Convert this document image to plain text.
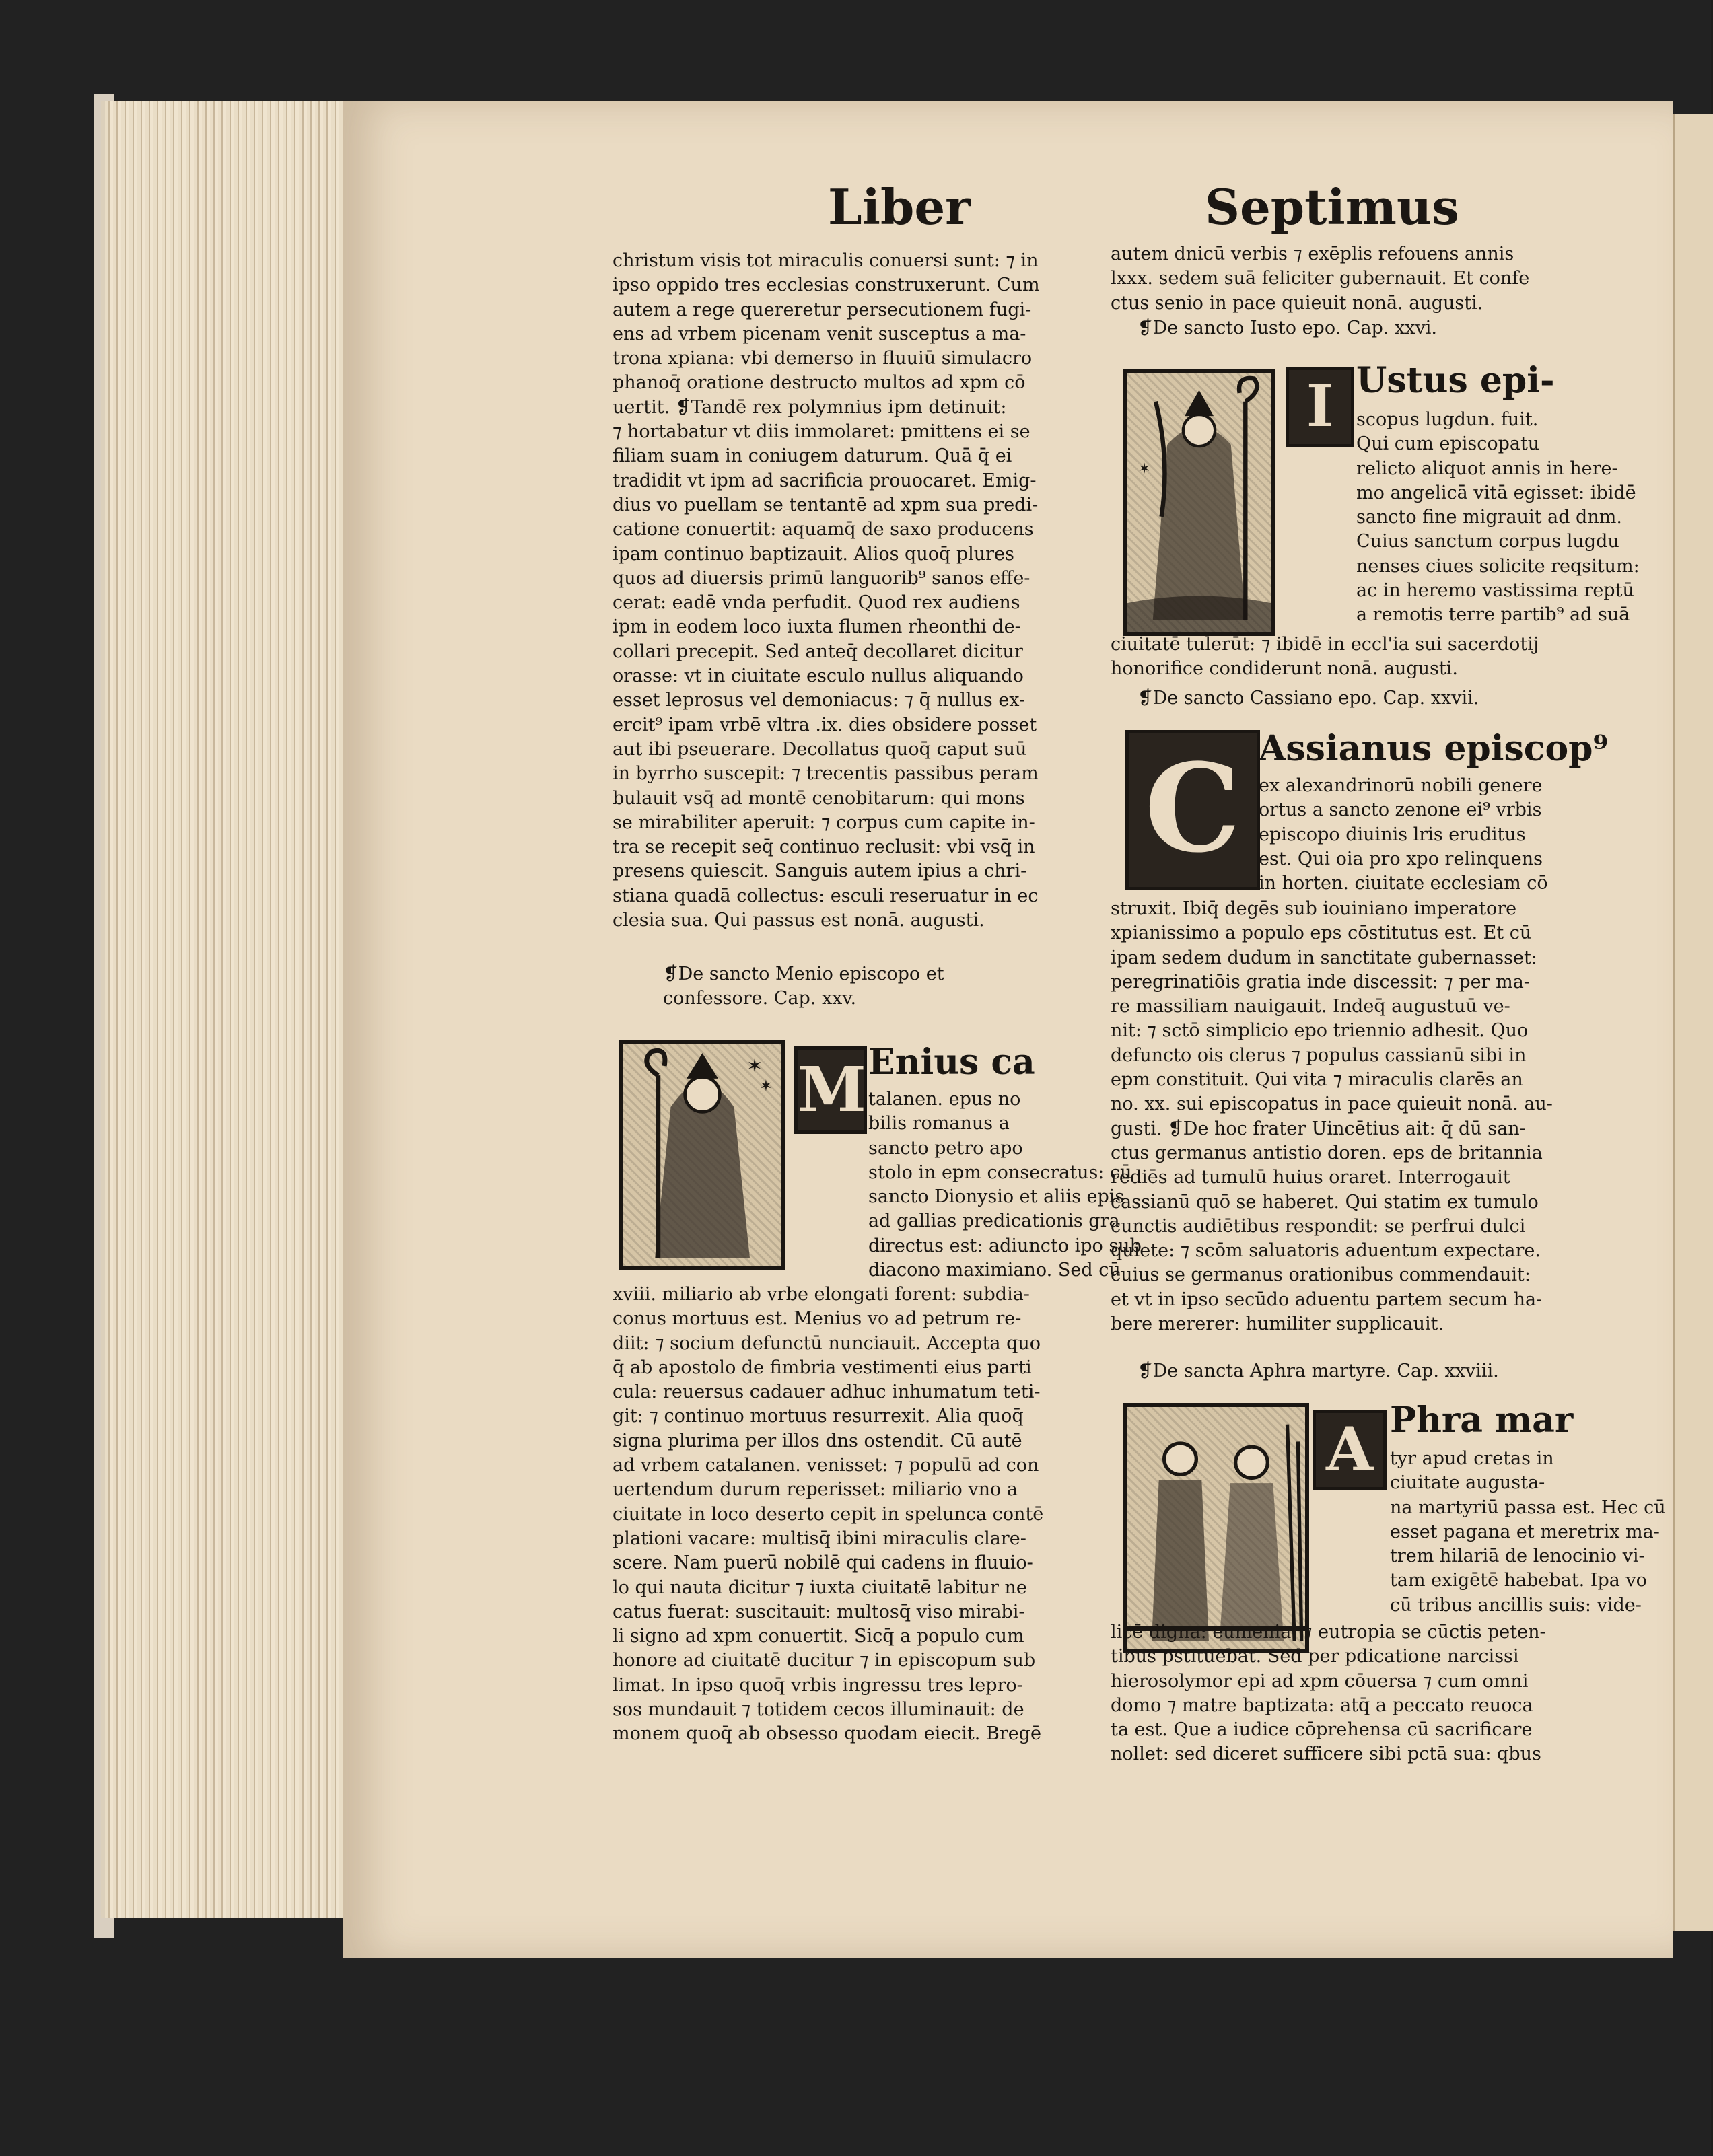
Liber	Septimus
christum visis tot miraculis conuersi sunt: ⁊ in
ipso oppido tres ecclesias construxerunt. Cum
autem a rege quereretur persecutionem fugi-
ens ad vrbem picenam venit susceptus a ma-
trona xpiana: vbi demerso in fluuiū simulacro
phanoq̄ oratione destructo multos ad xpm cō
uertit. ❡Tandē rex polymnius ipm detinuit:
⁊ hortabatur vt diis immolaret: pmittens ei se
filiam suam in coniugem daturum. Quā q̄ ei
tradidit vt ipm ad sacrificia prouocaret. Emig-
dius vo puellam se tentantē ad xpm sua predi-
catione conuertit: aquamq̄ de saxo producens
ipam continuo baptizauit. Alios quoq̄ plures
quos ad diuersis primū languorib⁹ sanos effe-
cerat: eadē vnda perfudit. Quod rex audiens
ipm in eodem loco iuxta flumen rheonthi de-
collari precepit. Sed anteq̄ decollaret dicitur
orasse: vt in ciuitate esculo nullus aliquando
esset leprosus vel demoniacus: ⁊ q̄ nullus ex-
ercit⁹ ipam vrbē vltra .ix. dies obsidere posset
aut ibi pseuerare. Decollatus quoq̄ caput suū
in byrrho suscepit: ⁊ trecentis passibus peram
bulauit vsq̄ ad montē cenobitarum: qui mons
se mirabiliter aperuit: ⁊ corpus cum capite in-
tra se recepit seq̄ continuo reclusit: vbi vsq̄ in
presens quiescit. Sanguis autem ipius a chri-
stiana quadā collectus: esculi reseruatur in ec
clesia sua. Qui passus est nonā. augusti.
❡De sancto Menio episcopo et
confessore. Cap. xxv.
✶
✶ M Enius ca
talanen. epus no
bilis romanus a
sancto petro apo
stolo in epm consecratus: cū
sancto Dionysio et aliis epis
ad gallias predicationis gra
directus est: adiuncto ipo sub
diacono maximiano. Sed cū
xviii. miliario ab vrbe elongati forent: subdia-
conus mortuus est. Menius vo ad petrum re-
diit: ⁊ socium defunctū nunciauit. Accepta quo
q̄ ab apostolo de fimbria vestimenti eius parti
cula: reuersus cadauer adhuc inhumatum teti-
git: ⁊ continuo mortuus resurrexit. Alia quoq̄
signa plurima per illos dns ostendit. Cū autē
ad vrbem catalanen. venisset: ⁊ populū ad con
uertendum durum reperisset: miliario vno a
ciuitate in loco deserto cepit in spelunca contē
plationi vacare: multisq̄ ibini miraculis clare-
scere. Nam puerū nobilē qui cadens in fluuio-
lo qui nauta dicitur ⁊ iuxta ciuitatē labitur ne
catus fuerat: suscitauit: multosq̄ viso mirabi-
li signo ad xpm conuertit. Sicq̄ a populo cum
honore ad ciuitatē ducitur ⁊ in episcopum sub
limat. In ipso quoq̄ vrbis ingressu tres lepro-
sos mundauit ⁊ totidem cecos illuminauit: de
monem quoq̄ ab obsesso quodam eiecit. Bregē
autem dnicū verbis ⁊ exēplis refouens annis
lxxx. sedem suā feliciter gubernauit. Et confe
ctus senio in pace quieuit nonā. augusti.
❡De sancto Iusto epo. Cap. xxvi.
✶
I Ustus epi-
scopus lugdun. fuit.
Qui cum episcopatu
relicto aliquot annis in here-
mo angelicā vitā egisset: ibidē
sancto fine migrauit ad dnm.
Cuius sanctum corpus lugdu
nenses ciues solicite reqsitum:
ac in heremo vastissima reptū
a remotis terre partib⁹ ad suā
ciuitatē tulerūt: ⁊ ibidē in eccl'ia sui sacerdotij
honorifice condiderunt nonā. augusti.
❡De sancto Cassiano epo. Cap. xxvii.
C Assianus episcop⁹
ex alexandrinorū nobili genere
ortus a sancto zenone ei⁹ vrbis
episcopo diuinis lris eruditus
est. Qui oia pro xpo relinquens
in horten. ciuitate ecclesiam cō
struxit. Ibiq̄ degēs sub iouiniano imperatore
xpianissimo a populo eps cōstitutus est. Et cū
ipam sedem dudum in sanctitate gubernasset:
peregrinatiōis gratia inde discessit: ⁊ per ma-
re massiliam nauigauit. Indeq̄ augustuū ve-
nit: ⁊ sctō simplicio epo triennio adhesit. Quo
defuncto ois clerus ⁊ populus cassianū sibi in
epm constituit. Qui vita ⁊ miraculis clarēs an
no. xx. sui episcopatus in pace quieuit nonā. au-
gusti. ❡De hoc frater Uincētius ait: q̄ dū san-
ctus germanus antistio doren. eps de britannia
rediēs ad tumulū huius oraret. Interrogauit
cassianū quō se haberet. Qui statim ex tumulo
cunctis audiētibus respondit: se perfrui dulci
quiete: ⁊ scōm saluatoris aduentum expectare.
cuius se germanus orationibus commendauit:
et vt in ipso secūdo aduentu partem secum ha-
bere mererer: humiliter supplicauit.
❡De sancta Aphra martyre. Cap. xxviii.
A Phra mar
tyr apud cretas in
ciuitate augusta-
na martyriū passa est. Hec cū
esset pagana et meretrix ma-
trem hilariā de lenocinio vi-
tam exigētē habebat. Ipa vo
cū tribus ancillis suis: vide-
licē digna: eumenia: ⁊ eutropia se cūctis peten-
tibus pstituebat. Sed per pdicatione narcissi
hierosolymor epi ad xpm cōuersa ⁊ cum omni
domo ⁊ matre baptizata: atq̄ a peccato reuoca
ta est. Que a iudice cōprehensa cū sacrificare
nollet: sed diceret sufficere sibi pctā sua: qbus
